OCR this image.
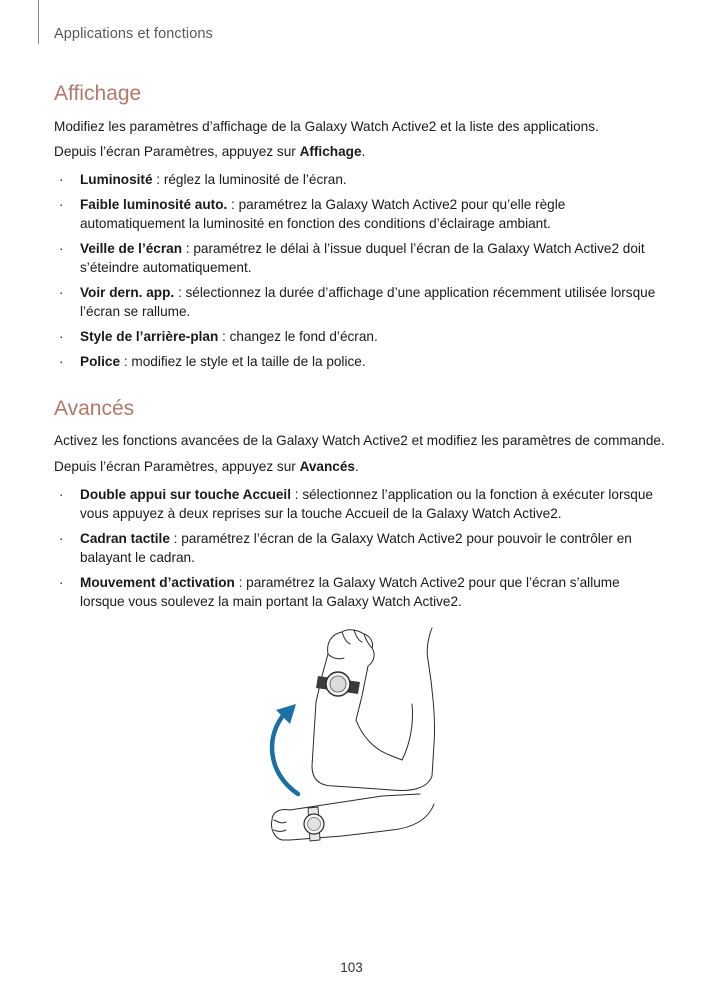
Applications et fonctions
Affichage
Modifiez les paramètres d’affichage de la Galaxy Watch Active2 et la liste des applications.
Depuis l’écran Paramètres, appuyez sur Affichage.
· Luminosité : réglez la luminosité de l’écran.
· Faible luminosité auto. : paramétrez la Galaxy Watch Active2 pour qu’elle règle automatiquement la luminosité en fonction des conditions d’éclairage ambiant.
· Veille de l’écran : paramétrez le délai à l’issue duquel l’écran de la Galaxy Watch Active2 doit s’éteindre automatiquement.
· Voir dern. app. : sélectionnez la durée d’affichage d’une application récemment utilisée lorsque l’écran se rallume.
· Style de l’arrière-plan : changez le fond d’écran.
· Police : modifiez le style et la taille de la police.
Avancés
Activez les fonctions avancées de la Galaxy Watch Active2 et modifiez les paramètres de commande.
Depuis l’écran Paramètres, appuyez sur Avancés.
· Double appui sur touche Accueil : sélectionnez l’application ou la fonction à exécuter lorsque vous appuyez à deux reprises sur la touche Accueil de la Galaxy Watch Active2.
· Cadran tactile : paramétrez l’écran de la Galaxy Watch Active2 pour pouvoir le contrôler en balayant le cadran.
· Mouvement d’activation : paramétrez la Galaxy Watch Active2 pour que l’écran s’allume lorsque vous soulevez la main portant la Galaxy Watch Active2.
103
